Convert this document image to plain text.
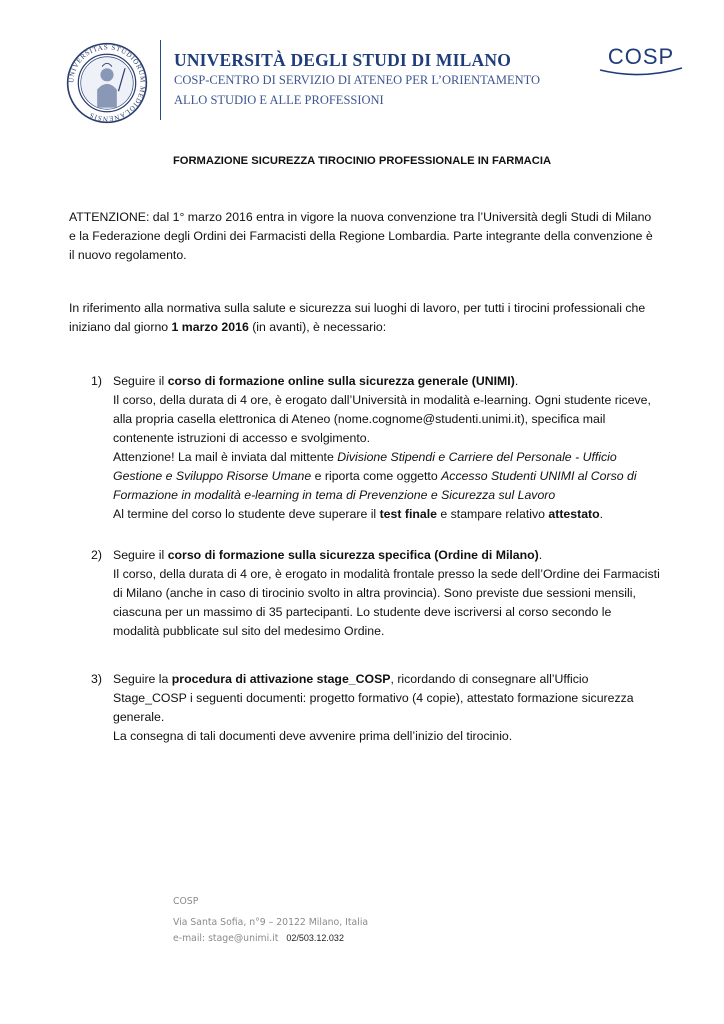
UNIVERSITAS STUDIORUM MEDIOLANENSIS
UNIVERSITÀ DEGLI STUDI DI MILANO
COSP-CENTRO DI SERVIZIO DI ATENEO PER L’ORIENTAMENTO
ALLO STUDIO E ALLE PROFESSIONI
COSP
FORMAZIONE SICUREZZA TIROCINIO PROFESSIONALE IN FARMACIA

ATTENZIONE: dal 1° marzo 2016 entra in vigore la nuova convenzione tra l’Università degli Studi di Milano e la Federazione degli Ordini dei Farmacisti della Regione Lombardia. Parte integrante della convenzione è il nuovo regolamento.

In riferimento alla normativa sulla salute e sicurezza sui luoghi di lavoro, per tutti i tirocini professionali che iniziano dal giorno 1 marzo 2016 (in avanti), è necessario:

1) Seguire il corso di formazione online sulla sicurezza generale (UNIMI).

Il corso, della durata di 4 ore, è erogato dall’Università in modalità e-learning. Ogni studente riceve, alla propria casella elettronica di Ateneo (nome.cognome@studenti.unimi.it), specifica mail contenente istruzioni di accesso e svolgimento.

Attenzione! La mail è inviata dal mittente Divisione Stipendi e Carriere del Personale - Ufficio Gestione e Sviluppo Risorse Umane e riporta come oggetto Accesso Studenti UNIMI al Corso di Formazione in modalità e-learning in tema di Prevenzione e Sicurezza sul Lavoro

Al termine del corso lo studente deve superare il test finale e stampare relativo attestato.

2) Seguire il corso di formazione sulla sicurezza specifica (Ordine di Milano).

Il corso, della durata di 4 ore, è erogato in modalità frontale presso la sede dell’Ordine dei Farmacisti di Milano (anche in caso di tirocinio svolto in altra provincia). Sono previste due sessioni mensili, ciascuna per un massimo di 35 partecipanti. Lo studente deve iscriversi al corso secondo le modalità pubblicate sul sito del medesimo Ordine.

3) Seguire la procedura di attivazione stage_COSP, ricordando di consegnare all’Ufficio Stage_COSP i seguenti documenti: progetto formativo (4 copie), attestato formazione sicurezza generale.

La consegna di tali documenti deve avvenire prima dell’inizio del tirocinio.

COSP
Via Santa Sofia, n°9 – 20122 Milano, Italia
e-mail: stage@unimi.it 02/503.12.032
